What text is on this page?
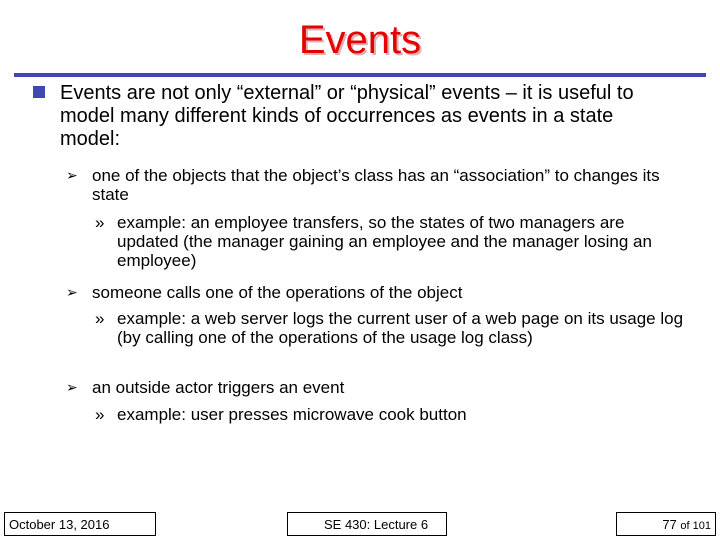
Events
Events are not only “external” or “physical” events – it is useful to model many different kinds of occurrences as events in a state model:
➢ one of the objects that the object’s class has an “association” to changes its state
» example: an employee transfers, so the states of two managers are updated (the manager gaining an employee and the manager losing an employee)
➢ someone calls one of the operations of the object
» example: a web server logs the current user of a web page on its usage log (by calling one of the operations of the usage log class)
➢ an outside actor triggers an event
» example: user presses microwave cook button
October 13, 2016	SE 430: Lecture 6	77 of 101
